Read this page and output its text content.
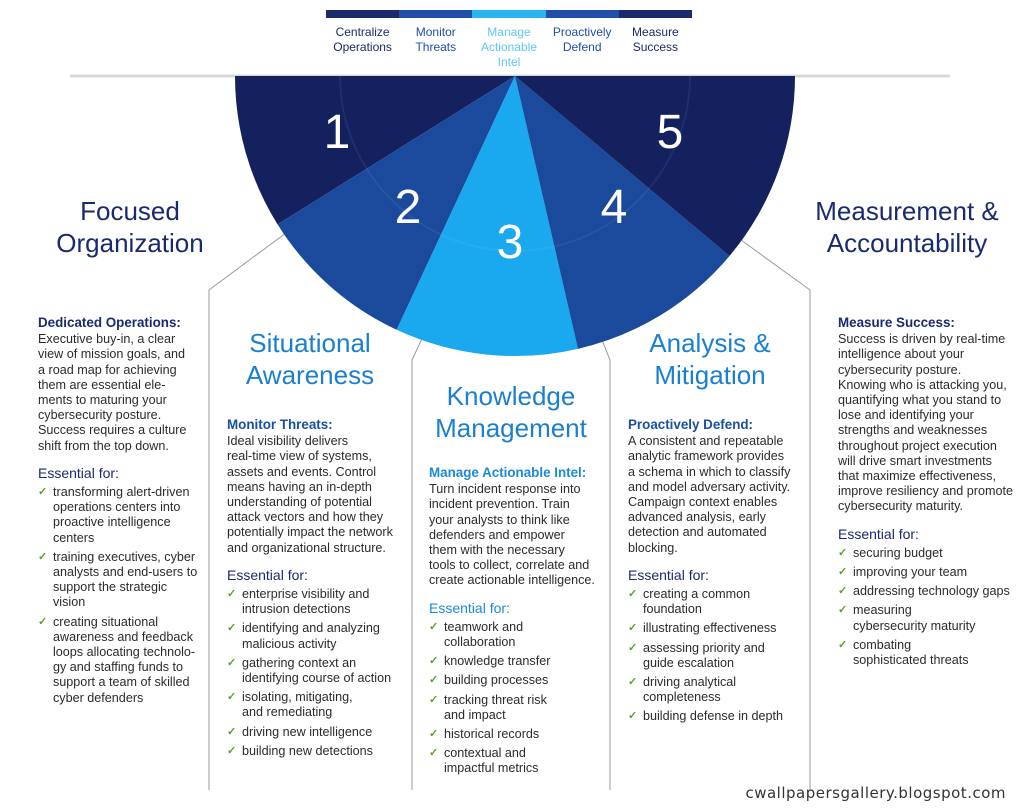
1
2
3
4
5
Centralize
Operations
Monitor
Threats
Manage
Actionable
Intel
Proactively
Defend
Measure
Success
Focused
Organization
Situational
Awareness
Knowledge
Management
Analysis &
Mitigation
Measurement &
Accountability
Dedicated Operations:
Executive buy-in, a clear
view of mission goals, and
a road map for achieving
them are essential ele-
ments to maturing your
cybersecurity posture.
Success requires a culture
shift from the top down.
Essential for:
✓ transforming alert-driven
operations centers into
proactive intelligence
centers
✓ training executives, cyber
analysts and end-users to
support the strategic
vision
✓ creating situational
awareness and feedback
loops allocating technolo-
gy and staffing funds to
support a team of skilled
cyber defenders
Monitor Threats:
Ideal visibility delivers
real-time view of systems,
assets and events. Control
means having an in-depth
understanding of potential
attack vectors and how they
potentially impact the network
and organizational structure.
Essential for:
✓ enterprise visibility and
intrusion detections
✓ identifying and analyzing
malicious activity
✓ gathering context an
identifying course of action
✓ isolating, mitigating,
and remediating
✓ driving new intelligence
✓ building new detections
Manage Actionable Intel:
Turn incident response into
incident prevention. Train
your analysts to think like
defenders and empower
them with the necessary
tools to collect, correlate and
create actionable intelligence.
Essential for:
✓ teamwork and
collaboration
✓ knowledge transfer
✓ building processes
✓ tracking threat risk
and impact
✓ historical records
✓ contextual and
impactful metrics
Proactively Defend:
A consistent and repeatable
analytic framework provides
a schema in which to classify
and model adversary activity.
Campaign context enables
advanced analysis, early
detection and automated
blocking.
Essential for:
✓ creating a common
foundation
✓ illustrating effectiveness
✓ assessing priority and
guide escalation
✓ driving analytical
completeness
✓ building defense in depth
Measure Success:
Success is driven by real-time
intelligence about your
cybersecurity posture.
Knowing who is attacking you,
quantifying what you stand to
lose and identifying your
strengths and weaknesses
throughout project execution
will drive smart investments
that maximize effectiveness,
improve resiliency and promote
cybersecurity maturity.
Essential for:
✓ securing budget
✓ improving your team
✓ addressing technology gaps
✓ measuring
cybersecurity maturity
✓ combating
sophisticated threats
cwallpapersgallery.blogspot.com
